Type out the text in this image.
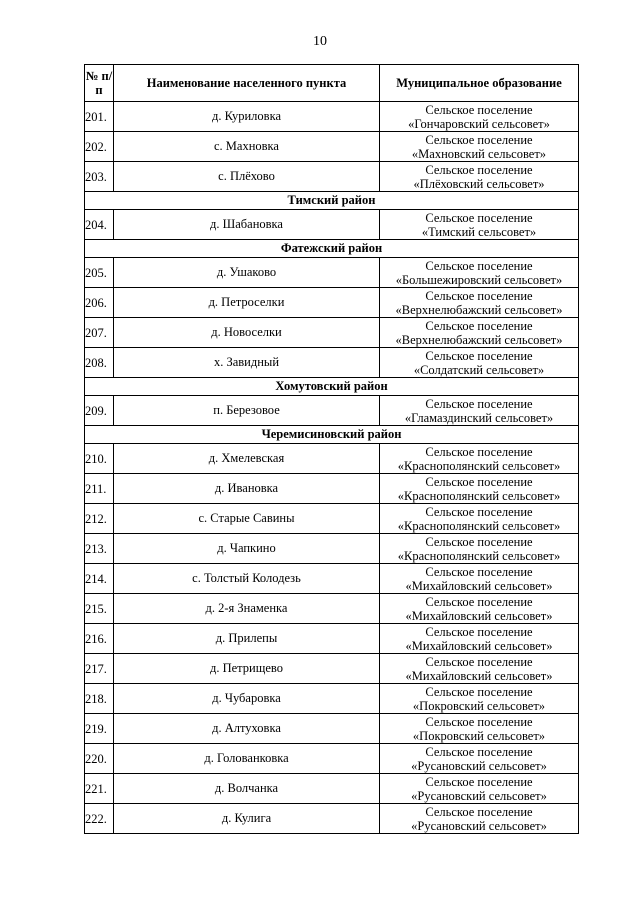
10
№ п/п	Наименование населенного пункта	Муниципальное образование
201.	д. Куриловка	Сельское поселение
«Гончаровский сельсовет»

202.	с. Махновка	Сельское поселение
«Махновский сельсовет»

203.	с. Плёхово	Сельское поселение
«Плёховский сельсовет»

Тимский район		
204.	д. Шабановка	Сельское поселение
«Тимский сельсовет»

Фатежский район		
205.	д. Ушаково	Сельское поселение
«Большежировский сельсовет»

206.	д. Петроселки	Сельское поселение
«Верхнелюбажский сельсовет»

207.	д. Новоселки	Сельское поселение
«Верхнелюбажский сельсовет»

208.	х. Завидный	Сельское поселение
«Солдатский сельсовет»

Хомутовский район		
209.	п. Березовое	Сельское поселение
«Гламаздинский сельсовет»

Черемисиновский район		
210.	д. Хмелевская	Сельское поселение
«Краснополянский сельсовет»

211.	д. Ивановка	Сельское поселение
«Краснополянский сельсовет»

212.	с. Старые Савины	Сельское поселение
«Краснополянский сельсовет»

213.	д. Чапкино	Сельское поселение
«Краснополянский сельсовет»

214.	с. Толстый Колодезь	Сельское поселение
«Михайловский сельсовет»

215.	д. 2-я Знаменка	Сельское поселение
«Михайловский сельсовет»

216.	д. Прилепы	Сельское поселение
«Михайловский сельсовет»

217.	д. Петрищево	Сельское поселение
«Михайловский сельсовет»

218.	д. Чубаровка	Сельское поселение
«Покровский сельсовет»

219.	д. Алтуховка	Сельское поселение
«Покровский сельсовет»

220.	д. Голованковка	Сельское поселение
«Русановский сельсовет»

221.	д. Волчанка	Сельское поселение
«Русановский сельсовет»

222.	д. Кулига	Сельское поселение
«Русановский сельсовет»
